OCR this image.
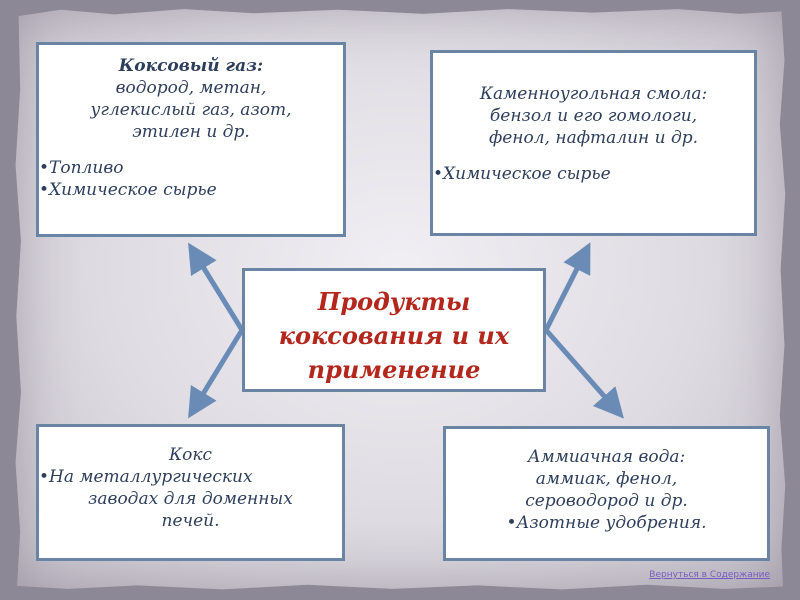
Коксовый газ:
водород, метан,
углекислый газ, азот,
этилен и др.
• Топливо
• Химическое сырье
Каменноугольная смола:
бензол и его гомологи,
фенол, нафталин и др.
• Химическое сырье
Продукты
коксования и их
применение
Кокс
• На металлургических
заводах для доменных
печей.
Аммиачная вода:
аммиак, фенол,
сероводород и др.
• Азотные удобрения.
Вернуться в Содержание
